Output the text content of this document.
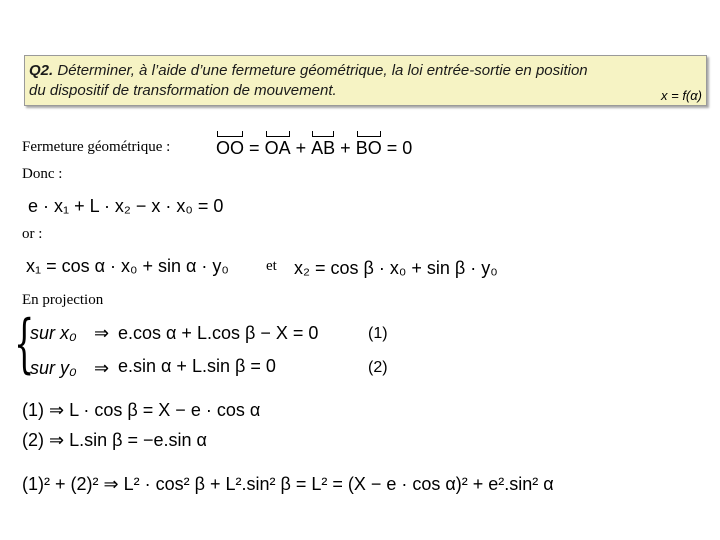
Q2. Déterminer, à l’aide d’une fermeture géométrique, la loi entrée-sortie en position
du dispositif de transformation de mouvement.	x = f(α)
Fermeture géométrique :	OO = OA + AB + BO = 0
Donc :
e · x₁ + L · x₂ − x · x₀ = 0
or :
x₁ = cos α · x₀ + sin α · y₀ et x₂ = cos β · x₀ + sin β · y₀
En projection
{
sur x₀ ⇒ e.cos α + L.cos β − X = 0	(1)
sur y₀ ⇒ e.sin α + L.sin β = 0	(2)
(1) ⇒ L · cos β = X − e · cos α
(2) ⇒ L.sin β = −e.sin α
(1)² + (2)² ⇒ L² · cos² β + L².sin² β = L² = (X − e · cos α)² + e².sin² α
